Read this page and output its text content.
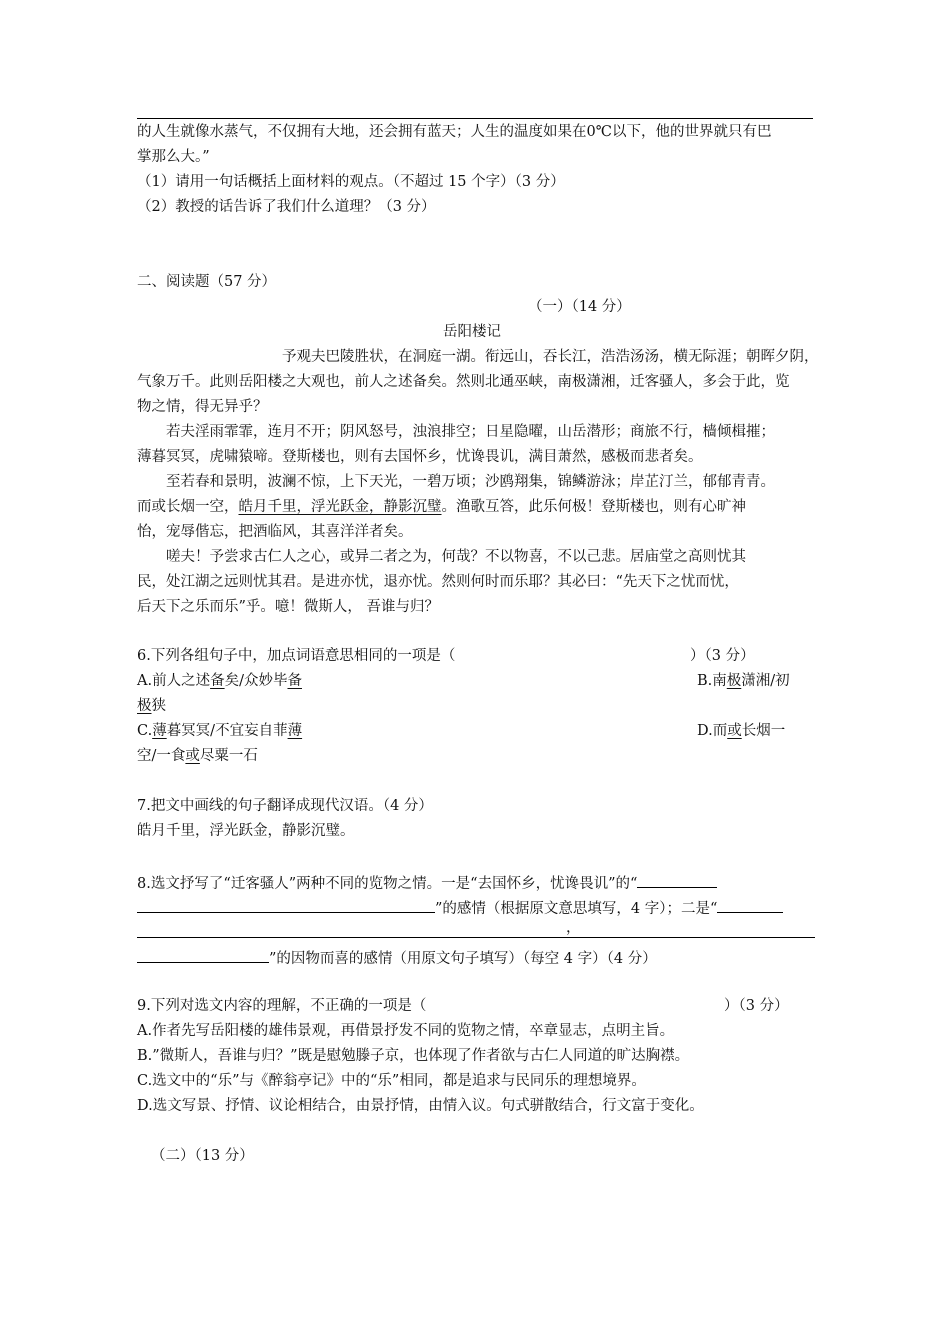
的人生就像水蒸气，不仅拥有大地，还会拥有蓝天；人生的温度如果在0℃以下，他的世界就只有巴
掌那么大。”
（1）请用一句话概括上面材料的观点。（不超过 15 个字）（3 分）
（2）教授的话告诉了我们什么道理？（3 分）
二、阅读题（57 分）
（一）（14 分）
岳阳楼记
予观夫巴陵胜状，在洞庭一湖。衔远山，吞长江，浩浩汤汤，横无际涯；朝晖夕阴，
气象万千。此则岳阳楼之大观也，前人之述备矣。然则北通巫峡，南极潇湘，迁客骚人，多会于此，览
物之情，得无异乎？
若夫淫雨霏霏，连月不开；阴风怒号，浊浪排空；日星隐曜，山岳潜形；商旅不行，樯倾楫摧；
薄暮冥冥，虎啸猿啼。登斯楼也，则有去国怀乡，忧谗畏讥，满目萧然，感极而悲者矣。
至若春和景明，波澜不惊，上下天光，一碧万顷；沙鸥翔集，锦鳞游泳；岸芷汀兰，郁郁青青。
而或长烟一空，皓月千里，浮光跃金，静影沉璧。渔歌互答，此乐何极！登斯楼也，则有心旷神
怡，宠辱偕忘，把酒临风，其喜洋洋者矣。
嗟夫！予尝求古仁人之心，或异二者之为，何哉？不以物喜，不以己悲。居庙堂之高则忧其
民，处江湖之远则忧其君。是进亦忧，退亦忧。然则何时而乐耶？其必曰：“先天下之忧而忧，
后天下之乐而乐”乎。噫！微斯人， 吾谁与归？
6.下列各组句子中，加点词语意思相同的一项是（	）（3 分）
A.前人之述备矣/众妙毕备	B.南极潇湘/初
极狭
C.薄暮冥冥/不宜妄自菲薄	D.而或长烟一
空/一食或尽粟一石
7.把文中画线的句子翻译成现代汉语。（4 分）
皓月千里，浮光跃金，静影沉璧。
8.选文抒写了“迁客骚人”两种不同的览物之情。一是“去国怀乡，忧谗畏讥”的“
”的感情（根据原文意思填写，4 字）；二是“
，
”的因物而喜的感情（用原文句子填写）（每空 4 字）（4 分）
9.下列对选文内容的理解，不正确的一项是（	）（3 分）
A.作者先写岳阳楼的雄伟景观，再借景抒发不同的览物之情，卒章显志，点明主旨。
B.”微斯人，吾谁与归？”既是慰勉滕子京，也体现了作者欲与古仁人同道的旷达胸襟。
C.选文中的“乐”与《醉翁亭记》中的“乐”相同，都是追求与民同乐的理想境界。
D.选文写景、抒情、议论相结合，由景抒情，由情入议。句式骈散结合，行文富于变化。
（二）（13 分）
